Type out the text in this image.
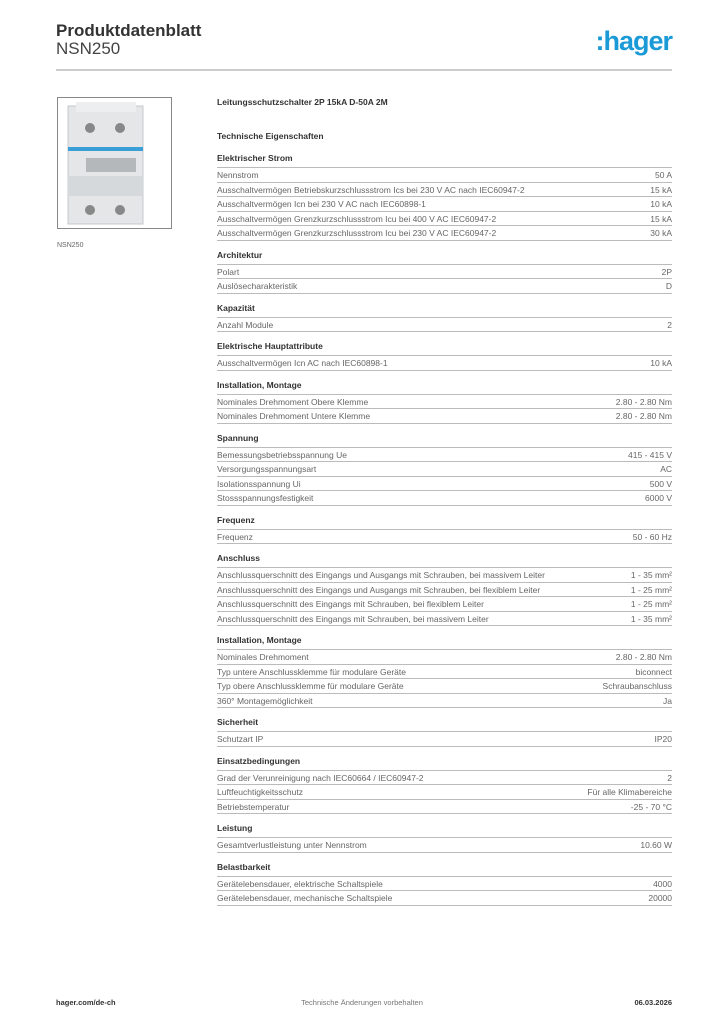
Produktdatenblatt
NSN250	:hager
NSN250
Leitungsschutzschalter 2P 15kA D-50A 2M
Technische Eigenschaften
Elektrischer Strom
Nennstrom	50 A
Ausschaltvermögen Betriebskurzschlussstrom Ics bei 230 V AC nach IEC60947-2	15 kA
Ausschaltvermögen Icn bei 230 V AC nach IEC60898-1	10 kA
Ausschaltvermögen Grenzkurzschlussstrom Icu bei 400 V AC IEC60947-2	15 kA
Ausschaltvermögen Grenzkurzschlussstrom Icu bei 230 V AC IEC60947-2	30 kA
Architektur
Polart	2P
Auslösecharakteristik	D
Kapazität
Anzahl Module	2
Elektrische Hauptattribute
Ausschaltvermögen Icn AC nach IEC60898-1	10 kA
Installation, Montage
Nominales Drehmoment Obere Klemme	2.80 - 2.80 Nm
Nominales Drehmoment Untere Klemme	2.80 - 2.80 Nm
Spannung
Bemessungsbetriebsspannung Ue	415 - 415 V
Versorgungsspannungsart	AC
Isolationsspannung Ui	500 V
Stossspannungsfestigkeit	6000 V
Frequenz
Frequenz	50 - 60 Hz
Anschluss
Anschlussquerschnitt des Eingangs und Ausgangs mit Schrauben, bei massivem Leiter	1 - 35 mm²
Anschlussquerschnitt des Eingangs und Ausgangs mit Schrauben, bei flexiblem Leiter	1 - 25 mm²
Anschlussquerschnitt des Eingangs mit Schrauben, bei flexiblem Leiter	1 - 25 mm²
Anschlussquerschnitt des Eingangs mit Schrauben, bei massivem Leiter	1 - 35 mm²
Installation, Montage
Nominales Drehmoment	2.80 - 2.80 Nm
Typ untere Anschlussklemme für modulare Geräte	biconnect
Typ obere Anschlussklemme für modulare Geräte	Schraubanschluss
360° Montagemöglichkeit	Ja
Sicherheit
Schutzart IP	IP20
Einsatzbedingungen
Grad der Verunreinigung nach IEC60664 / IEC60947-2	2
Luftfeuchtigkeitsschutz	Für alle Klimabereiche
Betriebstemperatur	-25 - 70 °C
Leistung
Gesamtverlustleistung unter Nennstrom	10.60 W
Belastbarkeit
Gerätelebensdauer, elektrische Schaltspiele	4000
Gerätelebensdauer, mechanische Schaltspiele	20000
hager.com/de-ch	Technische Änderungen vorbehalten	06.03.2026
